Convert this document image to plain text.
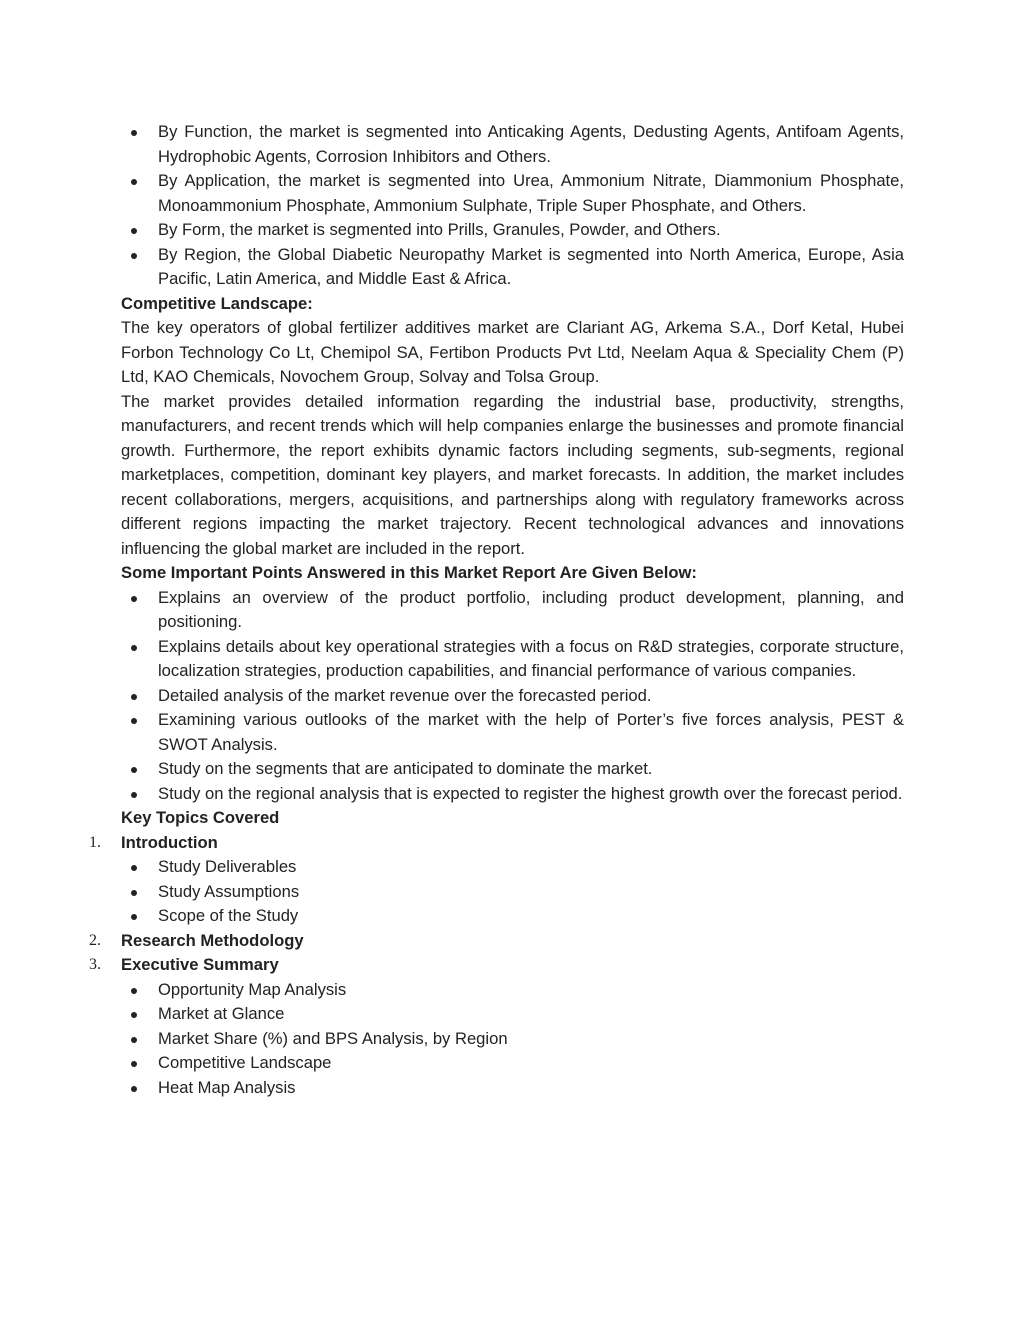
By Function, the market is segmented into Anticaking Agents, Dedusting Agents, Antifoam Agents, Hydrophobic Agents, Corrosion Inhibitors and Others.
By Application, the market is segmented into Urea, Ammonium Nitrate, Diammonium Phosphate, Monoammonium Phosphate, Ammonium Sulphate, Triple Super Phosphate, and Others.
By Form, the market is segmented into Prills, Granules, Powder, and Others.
By Region, the Global Diabetic Neuropathy Market is segmented into North America, Europe, Asia Pacific, Latin America, and Middle East & Africa.
Competitive Landscape:
The key operators of global fertilizer additives market are Clariant AG, Arkema S.A., Dorf Ketal, Hubei Forbon Technology Co Lt, Chemipol SA, Fertibon Products Pvt Ltd, Neelam Aqua & Speciality Chem (P) Ltd, KAO Chemicals, Novochem Group, Solvay and Tolsa Group.
The market provides detailed information regarding the industrial base, productivity, strengths, manufacturers, and recent trends which will help companies enlarge the businesses and promote financial growth. Furthermore, the report exhibits dynamic factors including segments, sub-segments, regional marketplaces, competition, dominant key players, and market forecasts. In addition, the market includes recent collaborations, mergers, acquisitions, and partnerships along with regulatory frameworks across different regions impacting the market trajectory. Recent technological advances and innovations influencing the global market are included in the report.
Some Important Points Answered in this Market Report Are Given Below:
Explains an overview of the product portfolio, including product development, planning, and positioning.
Explains details about key operational strategies with a focus on R&D strategies, corporate structure, localization strategies, production capabilities, and financial performance of various companies.
Detailed analysis of the market revenue over the forecasted period.
Examining various outlooks of the market with the help of Porter’s five forces analysis, PEST & SWOT Analysis.
Study on the segments that are anticipated to dominate the market.
Study on the regional analysis that is expected to register the highest growth over the forecast period.
Key Topics Covered
1. Introduction
Study Deliverables
Study Assumptions
Scope of the Study
2. Research Methodology
3. Executive Summary
Opportunity Map Analysis
Market at Glance
Market Share (%) and BPS Analysis, by Region
Competitive Landscape
Heat Map Analysis
